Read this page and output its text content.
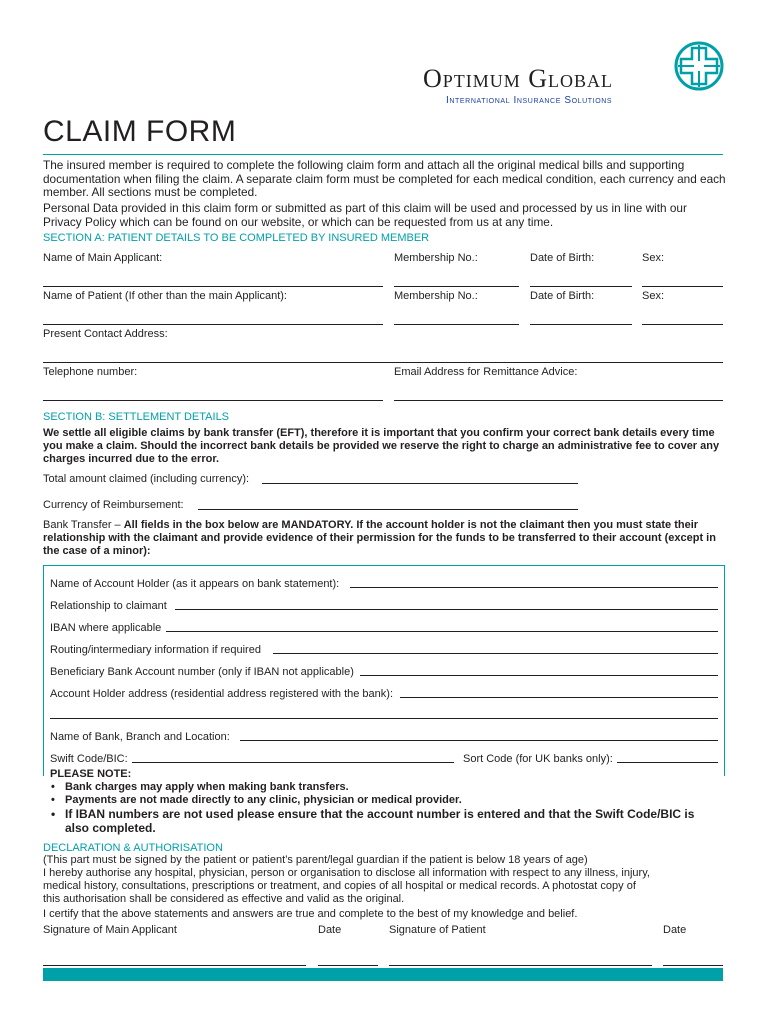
Optimum Global
International Insurance Solutions
CLAIM FORM
The insured member is required to complete the following claim form and attach all the original medical bills and supporting documentation when filing the claim. A separate claim form must be completed for each medical condition, each currency and each member. All sections must be completed.
Personal Data provided in this claim form or submitted as part of this claim will be used and processed by us in line with our Privacy Policy which can be found on our website, or which can be requested from us at any time.
SECTION A: PATIENT DETAILS TO BE COMPLETED BY INSURED MEMBER
Name of Main Applicant:	Membership No.:	Date of Birth:	Sex:
Name of Patient (If other than the main Applicant):	Membership No.:	Date of Birth:	Sex:
Present Contact Address:
Telephone number:	Email Address for Remittance Advice:
SECTION B: SETTLEMENT DETAILS
We settle all eligible claims by bank transfer (EFT), therefore it is important that you confirm your correct bank details every time you make a claim. Should the incorrect bank details be provided we reserve the right to charge an administrative fee to cover any charges incurred due to the error.
Total amount claimed (including currency):
Currency of Reimbursement:
Bank Transfer – All fields in the box below are MANDATORY. If the account holder is not the claimant then you must state their relationship with the claimant and provide evidence of their permission for the funds to be transferred to their account (except in the case of a minor):
Name of Account Holder (as it appears on bank statement):
Relationship to claimant
IBAN where applicable
Routing/intermediary information if required
Beneficiary Bank Account number (only if IBAN not applicable)
Account Holder address (residential address registered with the bank):
Name of Bank, Branch and Location:
Swift Code/BIC:	Sort Code (for UK banks only):
PLEASE NOTE:
• Bank charges may apply when making bank transfers.
• Payments are not made directly to any clinic, physician or medical provider.
• If IBAN numbers are not used please ensure that the account number is entered and that the Swift Code/BIC is also completed.
DECLARATION & AUTHORISATION
(This part must be signed by the patient or patient’s parent/legal guardian if the patient is below 18 years of age)
I hereby authorise any hospital, physician, person or organisation to disclose all information with respect to any illness, injury, medical history, consultations, prescriptions or treatment, and copies of all hospital or medical records. A photostat copy of this authorisation shall be considered as effective and valid as the original.
I certify that the above statements and answers are true and complete to the best of my knowledge and belief.
Signature of Main Applicant	Date	Signature of Patient	Date
